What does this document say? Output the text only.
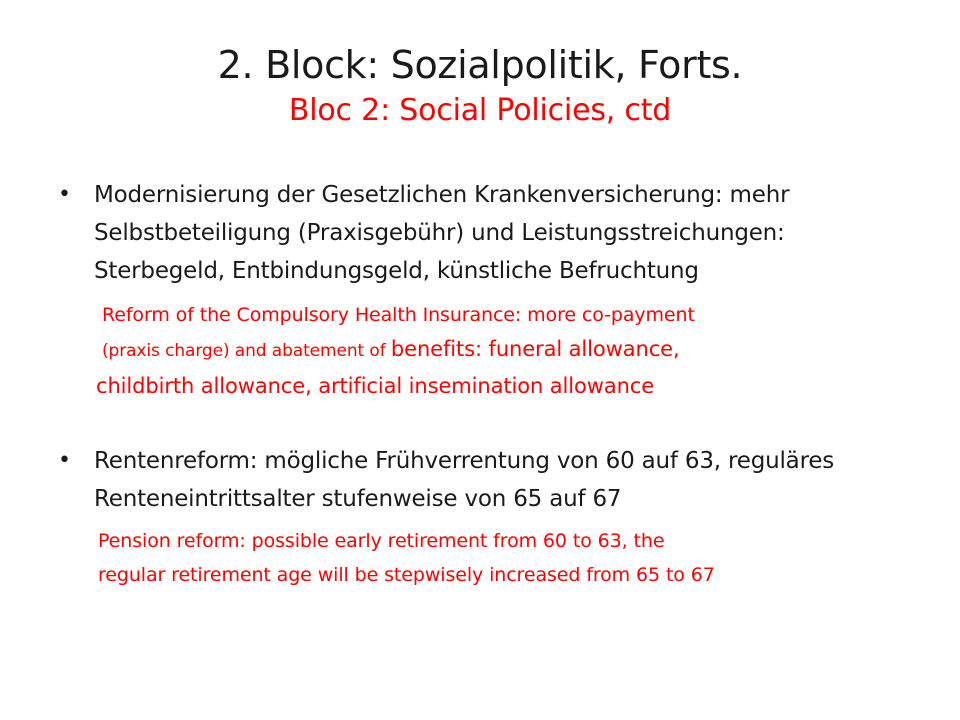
2. Block: Sozialpolitik, Forts.
Bloc 2: Social Policies, ctd
• Modernisierung der Gesetzlichen Krankenversicherung: mehr Selbstbeteiligung (Praxisgebühr) und Leistungsstreichungen: Sterbegeld, Entbindungsgeld, künstliche Befruchtung
Reform of the Compulsory Health Insurance: more co-payment
(praxis charge) and abatement of benefits: funeral allowance,
childbirth allowance, artificial insemination allowance
• Rentenreform: mögliche Frühverrentung von 60 auf 63, reguläres Renteneintrittsalter stufenweise von 65 auf 67
Pension reform: possible early retirement from 60 to 63, the
regular retirement age will be stepwisely increased from 65 to 67
